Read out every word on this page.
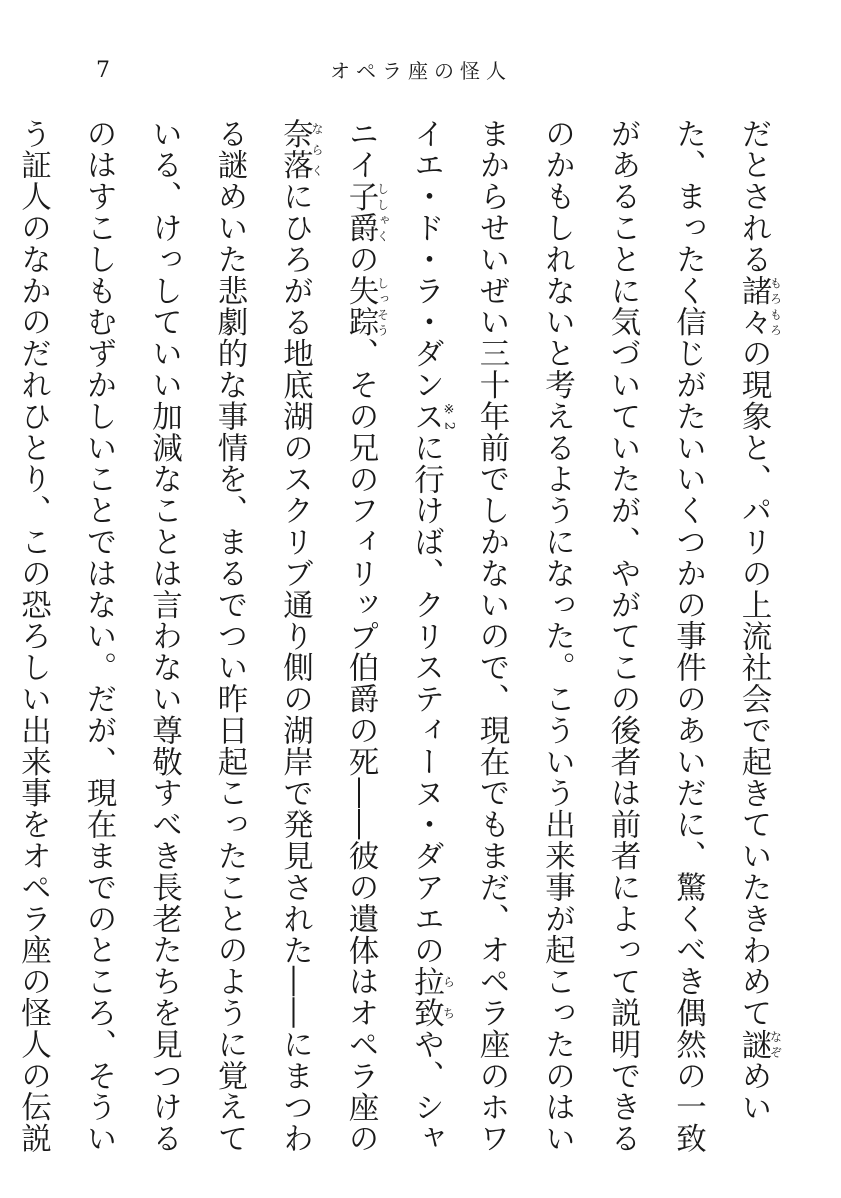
7	オペラ座の怪人

だとされる諸々もろもろの現象と、パリの上流社会で起きていたきわめて謎なぞめいた、まったく信じがたいいくつかの事件のあいだに、驚くべき偶然の一致があることに気づいていたが、やがてこの後者は前者によって説明できるのかもしれないと考えるようになった。こういう出来事が起こったのはいまからせいぜい三十年前でしかないので、現在でもまだ、オペラ座のホワイエ・ド・ラ・ダンス※2に行けば、クリスティーヌ・ダアエの拉致らちや、シャニイ子爵ししゃくの失踪しっそう、その兄のフィリップ伯爵の死――彼の遺体はオペラ座の奈落ならくにひろがる地底湖のスクリブ通り側の湖岸で発見された――にまつわる謎めいた悲劇的な事情を、まるでつい昨日起こったことのように覚えている、けっしていい加減なことは言わない尊敬すべき長老たちを見つけるのはすこしもむずかしいことではない。だが、現在までのところ、そういう証人のなかのだれひとり、この恐ろしい出来事をオペラ座の怪人の伝説
